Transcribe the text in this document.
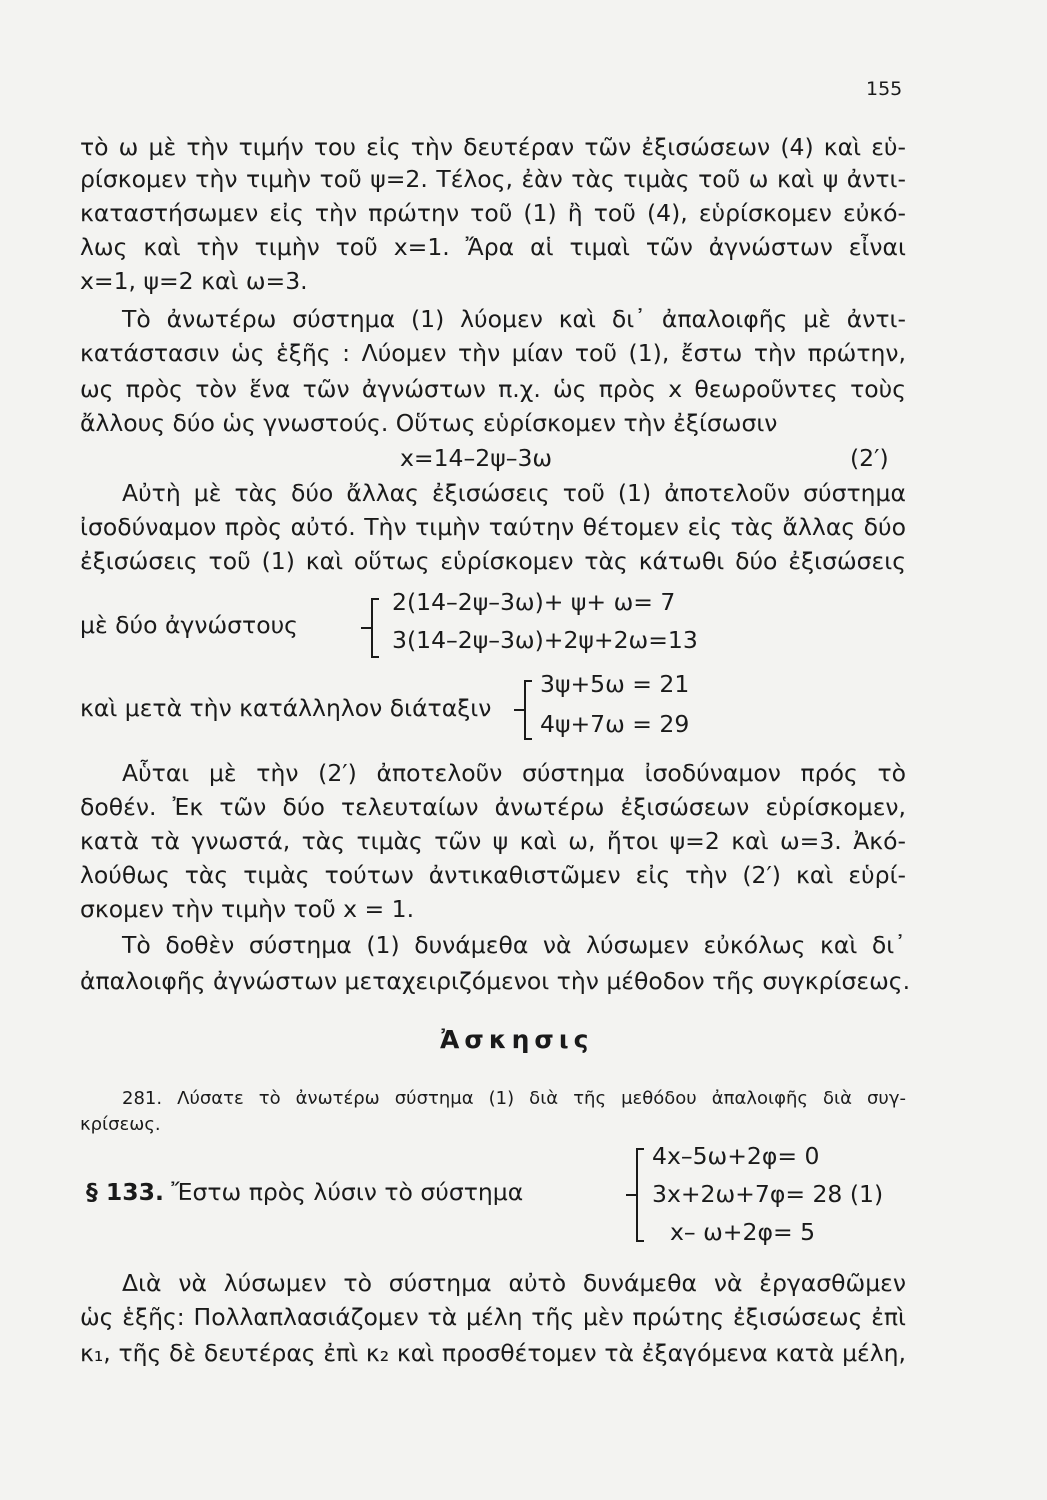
155
τὸ ω μὲ τὴν τιμήν του εἰς τὴν δευτέραν τῶν ἐξισώσεων (4) καὶ εὑ-
ρίσκομεν τὴν τιμὴν τοῦ ψ=2. Τέλος, ἐὰν τὰς τιμὰς τοῦ ω καὶ ψ ἀντι-
καταστήσωμεν εἰς τὴν πρώτην τοῦ (1) ἢ τοῦ (4), εὑρίσκομεν εὐκό-
λως καὶ τὴν τιμὴν τοῦ x=1. Ἄρα αἱ τιμαὶ τῶν ἀγνώστων εἶναι
x=1, ψ=2 καὶ ω=3.
Τὸ ἀνωτέρω σύστημα (1) λύομεν καὶ δι᾿ ἀπαλοιφῆς μὲ ἀντι-
κατάστασιν ὡς ἑξῆς : Λύομεν τὴν μίαν τοῦ (1), ἔστω τὴν πρώτην,
ως πρὸς τὸν ἕνα τῶν ἀγνώστων π.χ. ὡς πρὸς x θεωροῦντες τοὺς
ἄλλους δύο ὡς γνωστούς. Οὕτως εὑρίσκομεν τὴν ἐξίσωσιν
x=14–2ψ–3ω	(2′)
Αὐτὴ μὲ τὰς δύο ἄλλας ἐξισώσεις τοῦ (1) ἀποτελοῦν σύστημα
ἰσοδύναμον πρὸς αὐτό. Τὴν τιμὴν ταύτην θέτομεν εἰς τὰς ἄλλας δύο
ἐξισώσεις τοῦ (1) καὶ οὕτως εὑρίσκομεν τὰς κάτωθι δύο ἐξισώσεις
μὲ δύο ἀγνώστους
2(14–2ψ–3ω)+ ψ+ ω= 7
3(14–2ψ–3ω)+2ψ+2ω=13
καὶ μετὰ τὴν κατάλληλον διάταξιν
3ψ+5ω = 21
4ψ+7ω = 29
Αὗται μὲ τὴν (2′) ἀποτελοῦν σύστημα ἰσοδύναμον πρός τὸ
δοθέν. Ἐκ τῶν δύο τελευταίων ἀνωτέρω ἐξισώσεων εὑρίσκομεν,
κατὰ τὰ γνωστά, τὰς τιμὰς τῶν ψ καὶ ω, ἤτοι ψ=2 καὶ ω=3. Ἀκό-
λούθως τὰς τιμὰς τούτων ἀντικαθιστῶμεν εἰς τὴν (2′) καὶ εὑρί-
σκομεν τὴν τιμὴν τοῦ x = 1.
Τὸ δοθὲν σύστημα (1) δυνάμεθα νὰ λύσωμεν εὐκόλως καὶ δι᾿
ἀπαλοιφῆς ἀγνώστων μεταχειριζόμενοι τὴν μέθοδον τῆς συγκρίσεως.
Ἀσκησις
281. Λύσατε τὸ ἀνωτέρω σύστημα (1) διὰ τῆς μεθόδου ἀπαλοιφῆς διὰ συγ-
κρίσεως.
§ 133. Ἔστω πρὸς λύσιν τὸ σύστημα
4x–5ω+2φ= 0
3x+2ω+7φ= 28 (1)
x– ω+2φ= 5
Διὰ νὰ λύσωμεν τὸ σύστημα αὐτὸ δυνάμεθα νὰ ἐργασθῶμεν
ὡς ἑξῆς: Πολλαπλασιάζομεν τὰ μέλη τῆς μὲν πρώτης ἐξισώσεως ἐπὶ
κ₁, τῆς δὲ δευτέρας ἐπὶ κ₂ καὶ προσθέτομεν τὰ ἐξαγόμενα κατὰ μέλη,
